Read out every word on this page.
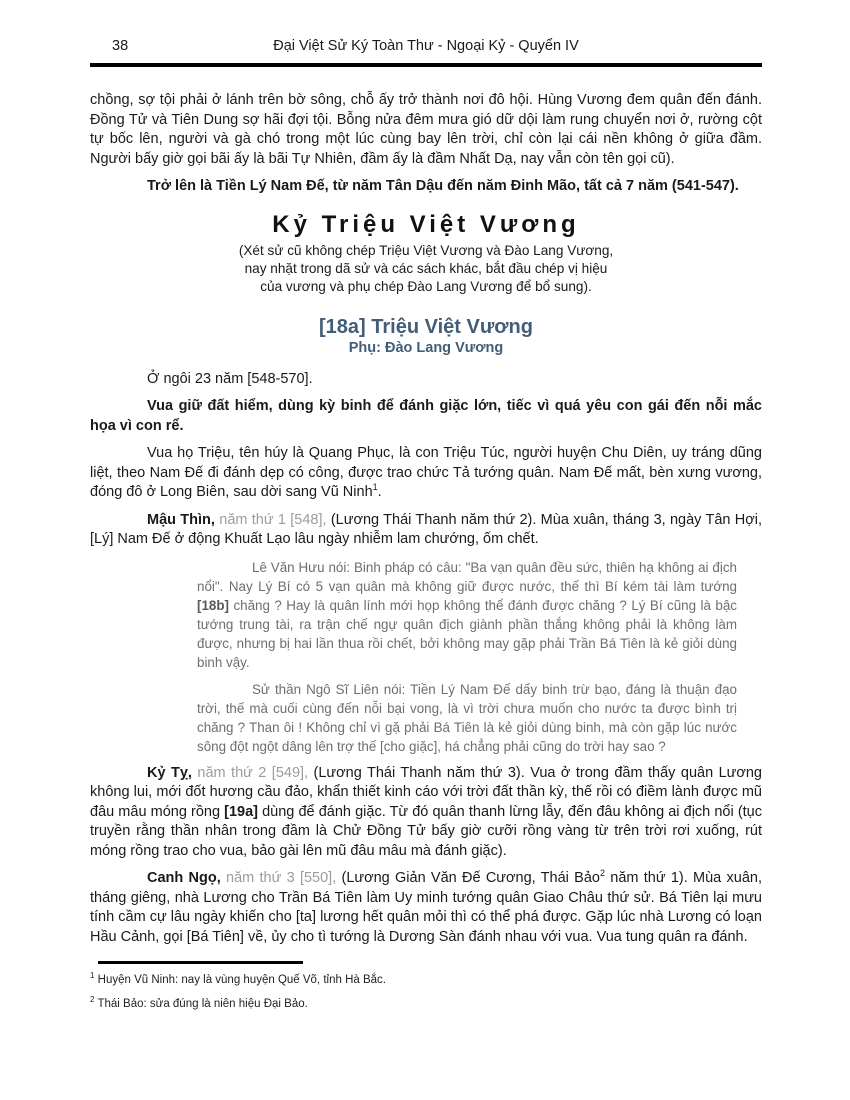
38	Đại Việt Sử Ký Toàn Thư - Ngoại Kỷ - Quyển IV

chồng, sợ tội phải ở lánh trên bờ sông, chỗ ấy trở thành nơi đô hội. Hùng Vương đem quân đến đánh. Đồng Tử và Tiên Dung sợ hãi đợi tội. Bỗng nửa đêm mưa gió dữ dội làm rung chuyển nơi ở, rường cột tự bốc lên, người và gà chó trong một lúc cùng bay lên trời, chỉ còn lại cái nền không ở giữa đầm. Người bấy giờ gọi bãi ấy là bãi Tự Nhiên, đầm ấy là đầm Nhất Dạ, nay vẫn còn tên gọi cũ).

Trở lên là Tiền Lý Nam Đế, từ năm Tân Dậu đến năm Đinh Mão, tất cả 7 năm (541-547).

Kỷ Triệu Việt Vương
(Xét sử cũ không chép Triệu Việt Vương và Đào Lang Vương,
nay nhặt trong dã sử và các sách khác, bắt đầu chép vị hiệu
của vương và phụ chép Đào Lang Vương để bổ sung).
[18a] Triệu Việt Vương
Phụ: Đào Lang Vương

Ở ngôi 23 năm [548-570].

Vua giữ đất hiểm, dùng kỳ binh để đánh giặc lớn, tiếc vì quá yêu con gái đến nỗi mắc họa vì con rể.

Vua họ Triệu, tên húy là Quang Phục, là con Triệu Túc, người huyện Chu Diên, uy tráng dũng liệt, theo Nam Đế đi đánh dẹp có công, được trao chức Tả tướng quân. Nam Đế mất, bèn xưng vương, đóng đô ở Long Biên, sau dời sang Vũ Ninh$^1$.

Mậu Thìn, năm thứ 1 [548], (Lương Thái Thanh năm thứ 2). Mùa xuân, tháng 3, ngày Tân Hợi, [Lý] Nam Đế ở động Khuất Lạo lâu ngày nhiễm lam chướng, ốm chết.

Lê Văn Hưu nói: Binh pháp có câu: "Ba vạn quân đều sức, thiên hạ không ai địch nổi". Nay Lý Bí có 5 vạn quân mà không giữ được nước, thế thì Bí kém tài làm tướng [18b] chăng ? Hay là quân lính mới họp không thể đánh được chăng ? Lý Bí cũng là bậc tướng trung tài, ra trận chế ngự quân địch giành phần thắng không phải là không làm được, nhưng bị hai lần thua rồi chết, bởi không may gặp phải Trần Bá Tiên là kẻ giỏi dùng binh vậy.
Sử thần Ngô Sĩ Liên nói: Tiền Lý Nam Đế dấy binh trừ bạo, đáng là thuận đạo trời, thế mà cuối cùng đến nỗi bại vong, là vì trời chưa muốn cho nước ta được bình trị chăng ? Than ôi ! Không chỉ vì gặ phải Bá Tiên là kẻ giỏi dùng binh, mà còn gặp lúc nước sông đột ngột dâng lên trợ thế [cho giặc], há chẳng phải cũng do trời hay sao ?

Kỷ Tỵ, năm thứ 2 [549], (Lương Thái Thanh năm thứ 3). Vua ở trong đầm thấy quân Lương không lui, mới đốt hương cầu đảo, khẩn thiết kinh cáo với trời đất thần kỳ, thế rồi có điềm lành được mũ đâu mâu móng rồng [19a] dùng để đánh giặc. Từ đó quân thanh lừng lẫy, đến đâu không ai địch nổi (tục truyền rằng thần nhân trong đầm là Chử Đồng Tử bấy giờ cưỡi rồng vàng từ trên trời rơi xuống, rút móng rồng trao cho vua, bảo gài lên mũ đâu mâu mà đánh giặc).

Canh Ngọ, năm thứ 3 [550], (Lương Giản Văn Đế Cương, Thái Bảo$^2$ năm thứ 1). Mùa xuân, tháng giêng, nhà Lương cho Trần Bá Tiên làm Uy minh tướng quân Giao Châu thứ sử. Bá Tiên lại mưu tính cầm cự lâu ngày khiến cho [ta] lương hết quân mỏi thì có thể phá được. Gặp lúc nhà Lương có loạn Hầu Cảnh, gọi [Bá Tiên] về, ủy cho tì tướng là Dương Sàn đánh nhau với vua. Vua tung quân ra đánh.

$^1$ Huyện Vũ Ninh: nay là vùng huyện Quế Võ, tỉnh Hà Bắc.
$^2$ Thái Bảo: sửa đúng là niên hiệu Đại Bảo.
